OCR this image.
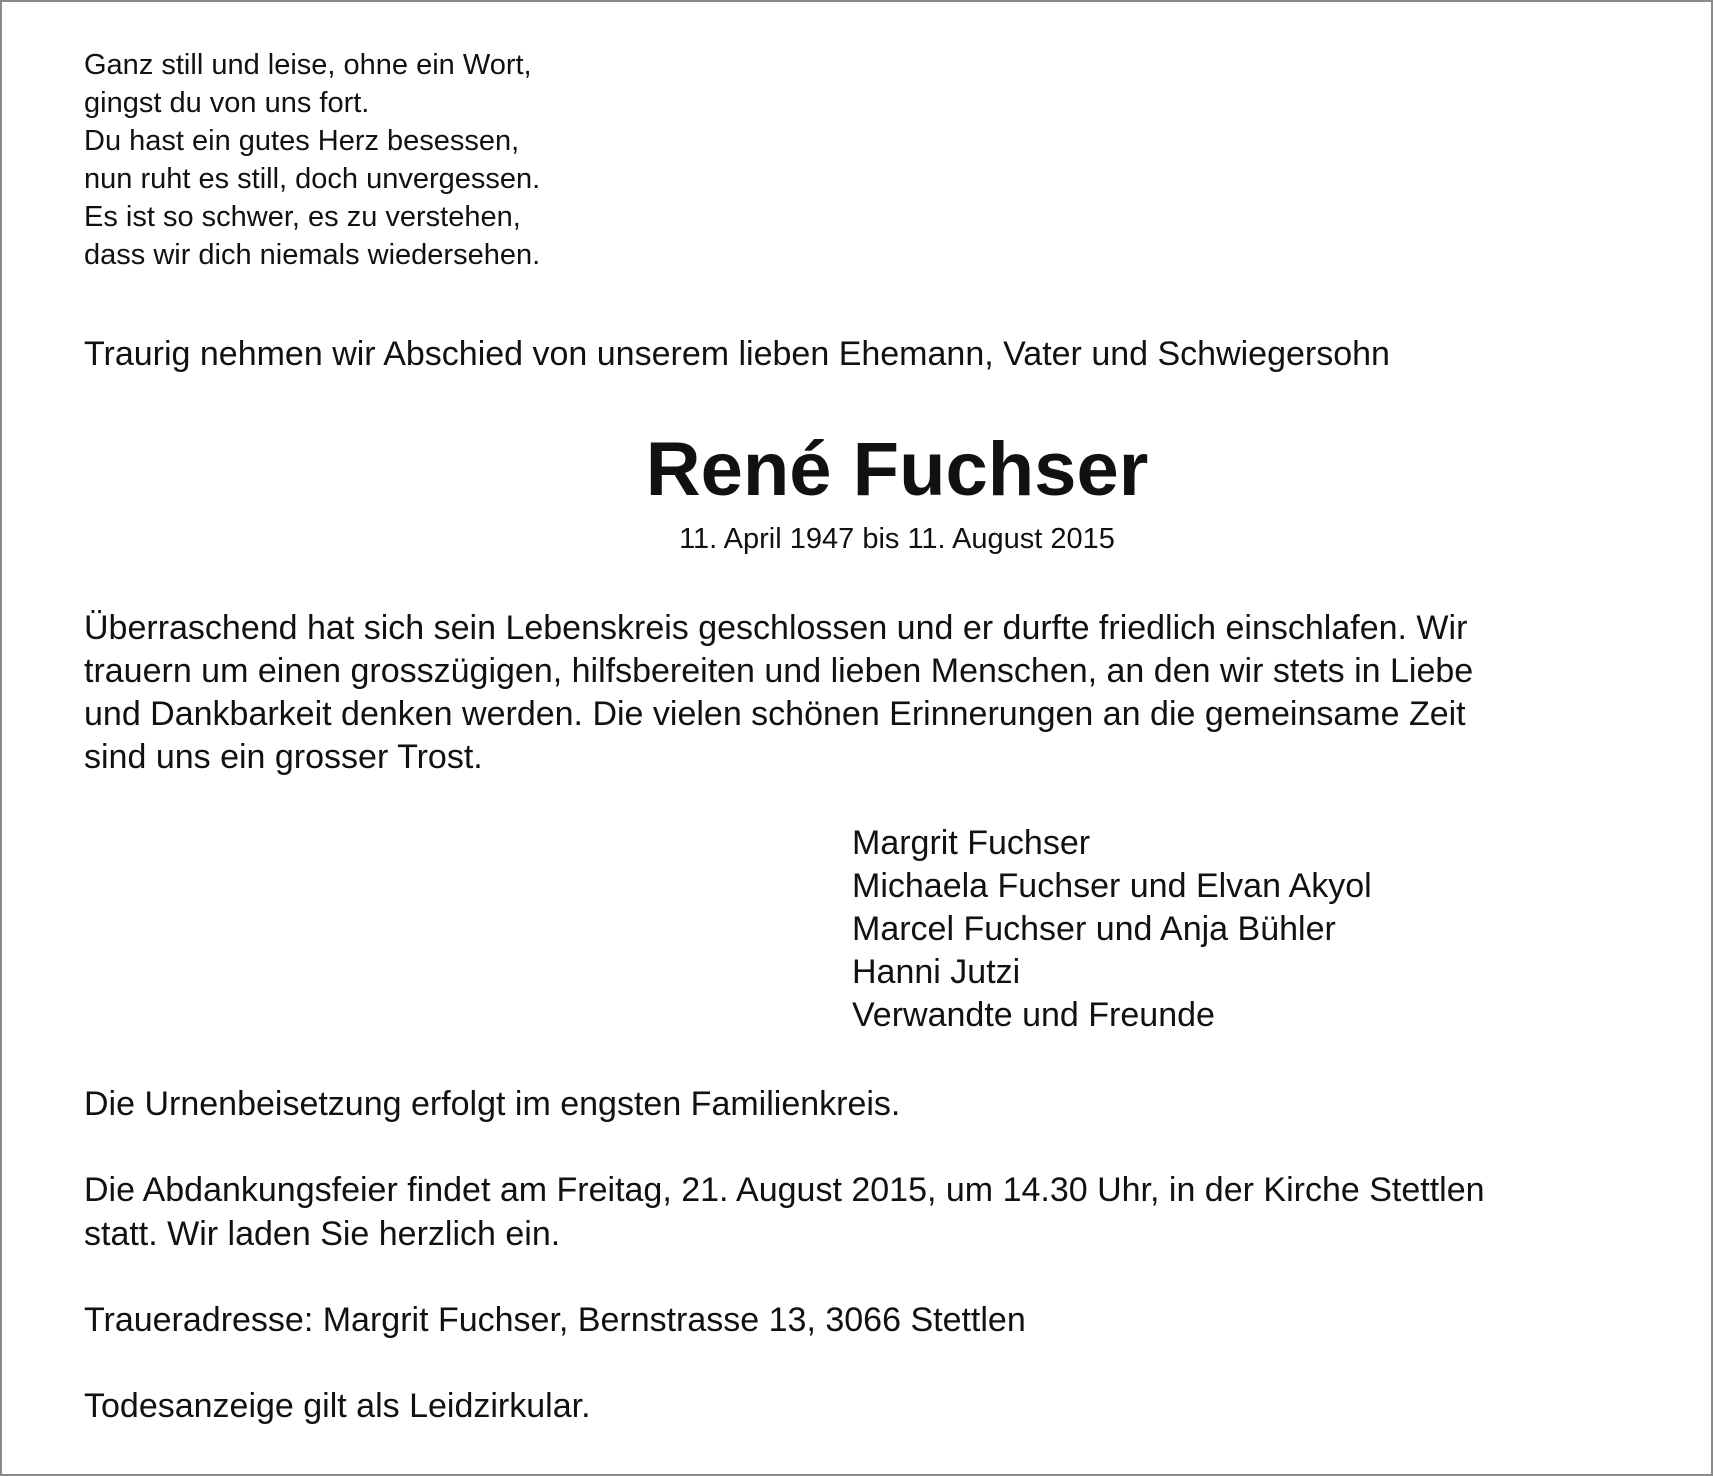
Ganz still und leise, ohne ein Wort,
gingst du von uns fort.
Du hast ein gutes Herz besessen,
nun ruht es still, doch unvergessen.
Es ist so schwer, es zu verstehen,
dass wir dich niemals wiedersehen.
Traurig nehmen wir Abschied von unserem lieben Ehemann, Vater und Schwiegersohn
René Fuchser
11. April 1947 bis 11. August 2015
Überraschend hat sich sein Lebenskreis geschlossen und er durfte friedlich einschlafen. Wir
trauern um einen grosszügigen, hilfsbereiten und lieben Menschen, an den wir stets in Liebe
und Dankbarkeit denken werden. Die vielen schönen Erinnerungen an die gemeinsame Zeit
sind uns ein grosser Trost.
Margrit Fuchser
Michaela Fuchser und Elvan Akyol
Marcel Fuchser und Anja Bühler
Hanni Jutzi
Verwandte und Freunde
Die Urnenbeisetzung erfolgt im engsten Familienkreis.
Die Abdankungsfeier findet am Freitag, 21. August 2015, um 14.30 Uhr, in der Kirche Stettlen
statt. Wir laden Sie herzlich ein.
Traueradresse: Margrit Fuchser, Bernstrasse 13, 3066 Stettlen
Todesanzeige gilt als Leidzirkular.
